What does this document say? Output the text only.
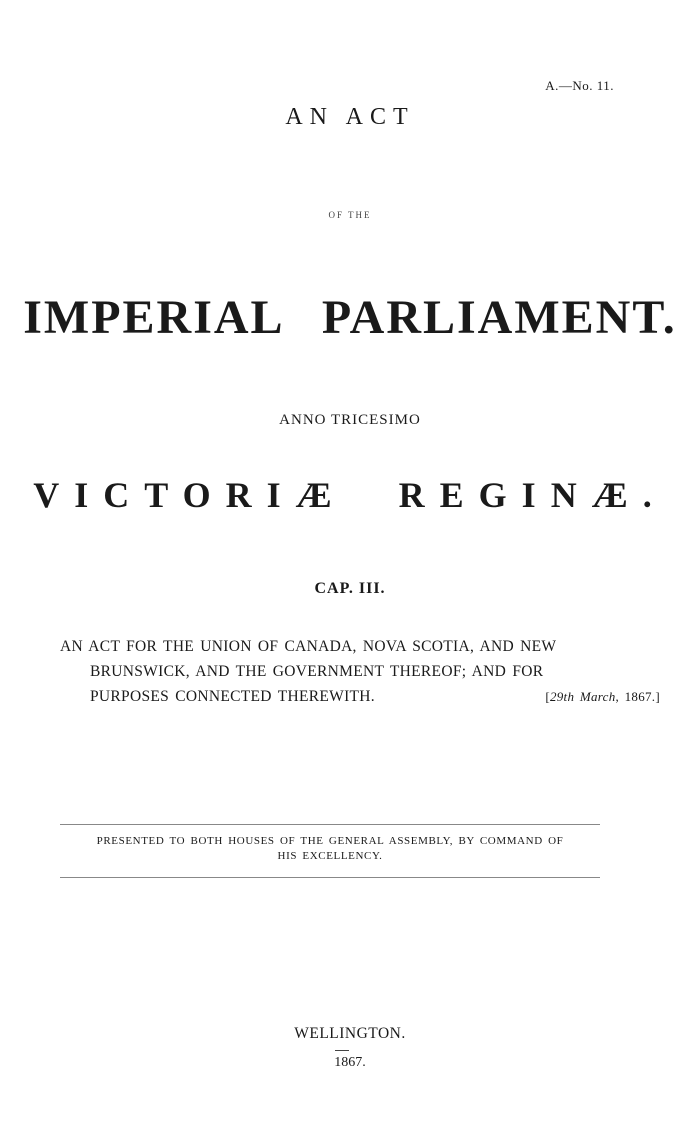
A.—No. 11.
AN ACT
OF THE
IMPERIAL PARLIAMENT.
ANNO TRICESIMO
VICTORIÆ REGINÆ.
CAP. III.
AN ACT FOR THE UNION OF CANADA, NOVA SCOTIA, AND NEW
BRUNSWICK, AND THE GOVERNMENT THEREOF; AND FOR
PURPOSES CONNECTED THEREWITH.	[29th March, 1867.]
PRESENTED TO BOTH HOUSES OF THE GENERAL ASSEMBLY, BY COMMAND OF
HIS EXCELLENCY.
WELLINGTON.
1867.
